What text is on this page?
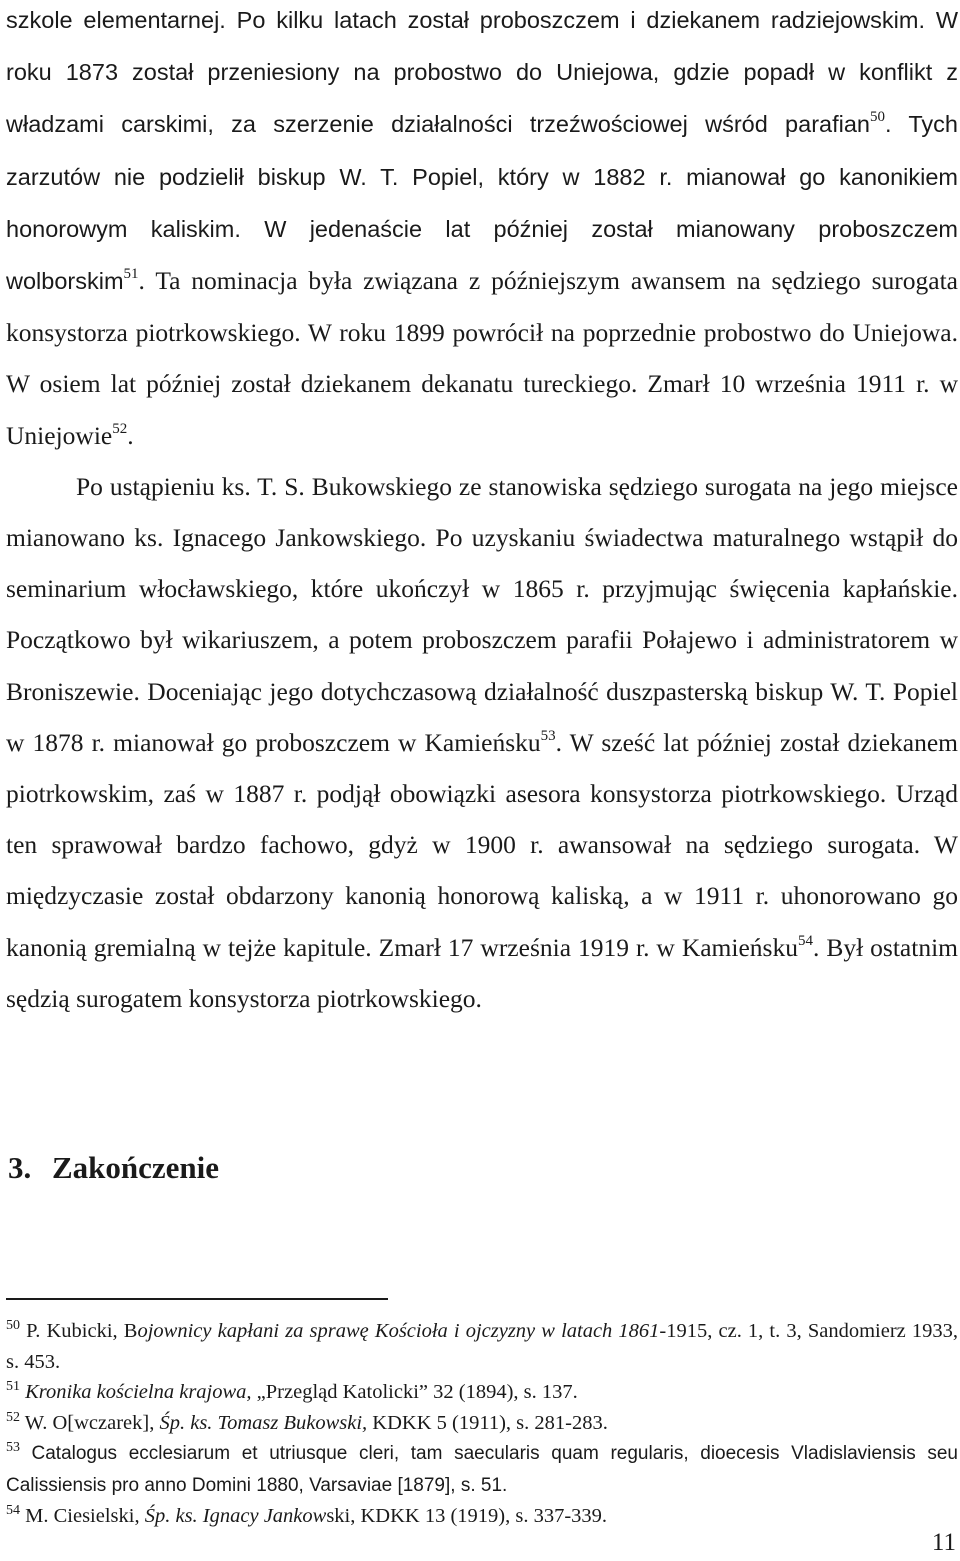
szkole elementarnej. Po kilku latach został proboszczem i dziekanem radziejowskim. W roku 1873 został przeniesiony na probostwo do Uniejowa, gdzie popadł w konflikt z władzami carskimi, za szerzenie działalności trzeźwościowej wśród parafian$^{50}$. Tych zarzutów nie podzielił biskup W. T. Popiel, który w 1882 r. mianował go kanonikiem honorowym kaliskim. W jedenaście lat później został mianowany proboszczem wolborskim$^{51}$. Ta nominacja była związana z późniejszym awansem na sędziego surogata konsystorza piotrkowskiego. W roku 1899 powrócił na poprzednie probostwo do Uniejowa. W osiem lat później został dziekanem dekanatu tureckiego. Zmarł 10 września 1911 r. w Uniejowie$^{52}$.

Po ustąpieniu ks. T. S. Bukowskiego ze stanowiska sędziego surogata na jego miejsce mianowano ks. Ignacego Jankowskiego. Po uzyskaniu świadectwa maturalnego wstąpił do seminarium włocławskiego, które ukończył w 1865 r. przyjmując święcenia kapłańskie. Początkowo był wikariuszem, a potem proboszczem parafii Połajewo i administratorem w Broniszewie. Doceniając jego dotychczasową działalność duszpasterską biskup W. T. Popiel w 1878 r. mianował go proboszczem w Kamieńsku$^{53}$. W sześć lat później został dziekanem piotrkowskim, zaś w 1887 r. podjął obowiązki asesora konsystorza piotrkowskiego. Urząd ten sprawował bardzo fachowo, gdyż w 1900 r. awansował na sędziego surogata. W międzyczasie został obdarzony kanonią honorową kaliską, a w 1911 r. uhonorowano go kanonią gremialną w tejże kapitule. Zmarł 17 września 1919 r. w Kamieńsku$^{54}$. Był ostatnim sędzią surogatem konsystorza piotrkowskiego.

3. Zakończenie

$^{50}$ P. Kubicki, Bojownicy kapłani za sprawę Kościoła i ojczyzny w latach 1861-1915, cz. 1, t. 3, Sandomierz 1933, s. 453.

$^{51}$ Kronika kościelna krajowa, „Przegląd Katolicki” 32 (1894), s. 137.

$^{52}$ W. O[wczarek], Śp. ks. Tomasz Bukowski, KDKK 5 (1911), s. 281-283.

$^{53}$ Catalogus ecclesiarum et utriusque cleri, tam saecularis quam regularis, dioecesis Vladislaviensis seu Calissiensis pro anno Domini 1880, Varsaviae [1879], s. 51.

$^{54}$ M. Ciesielski, Śp. ks. Ignacy Jankowski, KDKK 13 (1919), s. 337-339.

11
